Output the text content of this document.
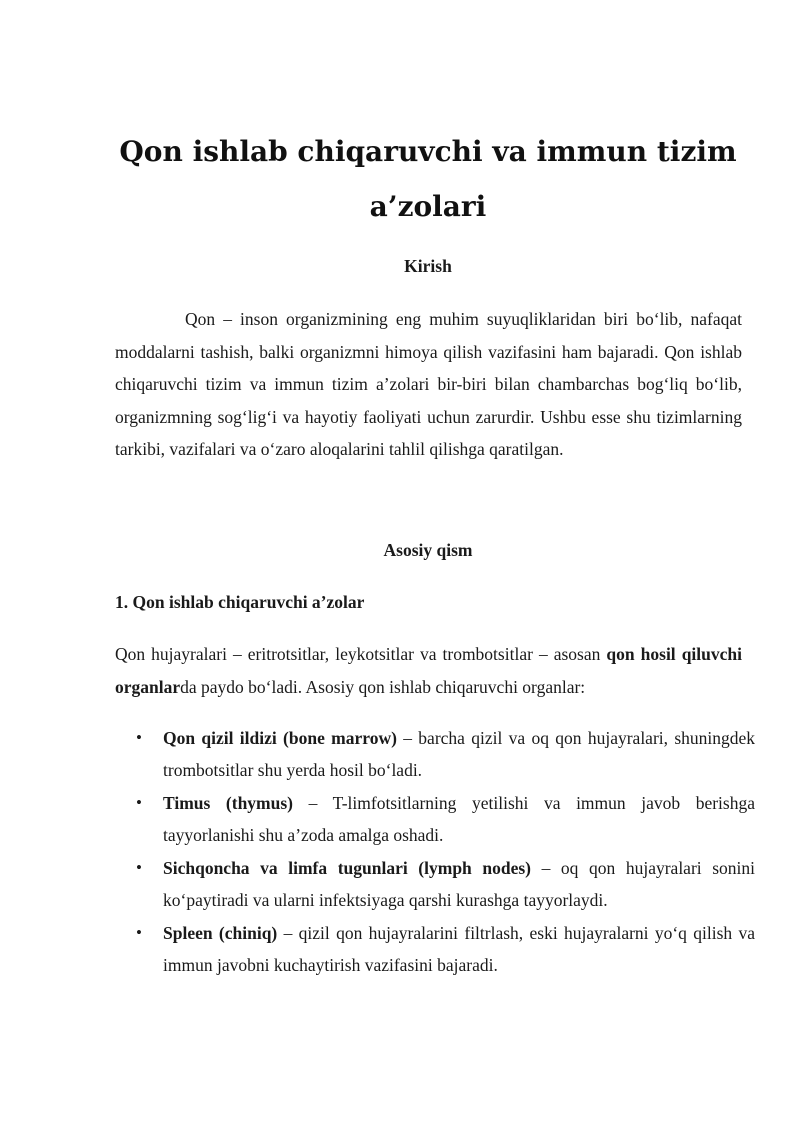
Qon ishlab chiqaruvchi va immun tizim a’zolari
Kirish

Qon – inson organizmining eng muhim suyuqliklaridan biri bo‘lib, nafaqat moddalarni tashish, balki organizmni himoya qilish vazifasini ham bajaradi. Qon ishlab chiqaruvchi tizim va immun tizim a’zolari bir-biri bilan chambarchas bog‘liq bo‘lib, organizmning sog‘lig‘i va hayotiy faoliyati uchun zarurdir. Ushbu esse shu tizimlarning tarkibi, vazifalari va o‘zaro aloqalarini tahlil qilishga qaratilgan.

Asosiy qism
1. Qon ishlab chiqaruvchi a’zolar

Qon hujayralari – eritrotsitlar, leykotsitlar va trombotsitlar – asosan qon hosil qiluvchi organlarda paydo bo‘ladi. Asosiy qon ishlab chiqaruvchi organlar:

• Qon qizil ildizi (bone marrow) – barcha qizil va oq qon hujayralari, shuningdek trombotsitlar shu yerda hosil bo‘ladi.
• Timus (thymus) – T-limfotsitlarning yetilishi va immun javob berishga tayyorlanishi shu a’zoda amalga oshadi.
• Sichqoncha va limfa tugunlari (lymph nodes) – oq qon hujayralari sonini ko‘paytiradi va ularni infektsiyaga qarshi kurashga tayyorlaydi.
• Spleen (chiniq) – qizil qon hujayralarini filtrlash, eski hujayralarni yo‘q qilish va immun javobni kuchaytirish vazifasini bajaradi.
